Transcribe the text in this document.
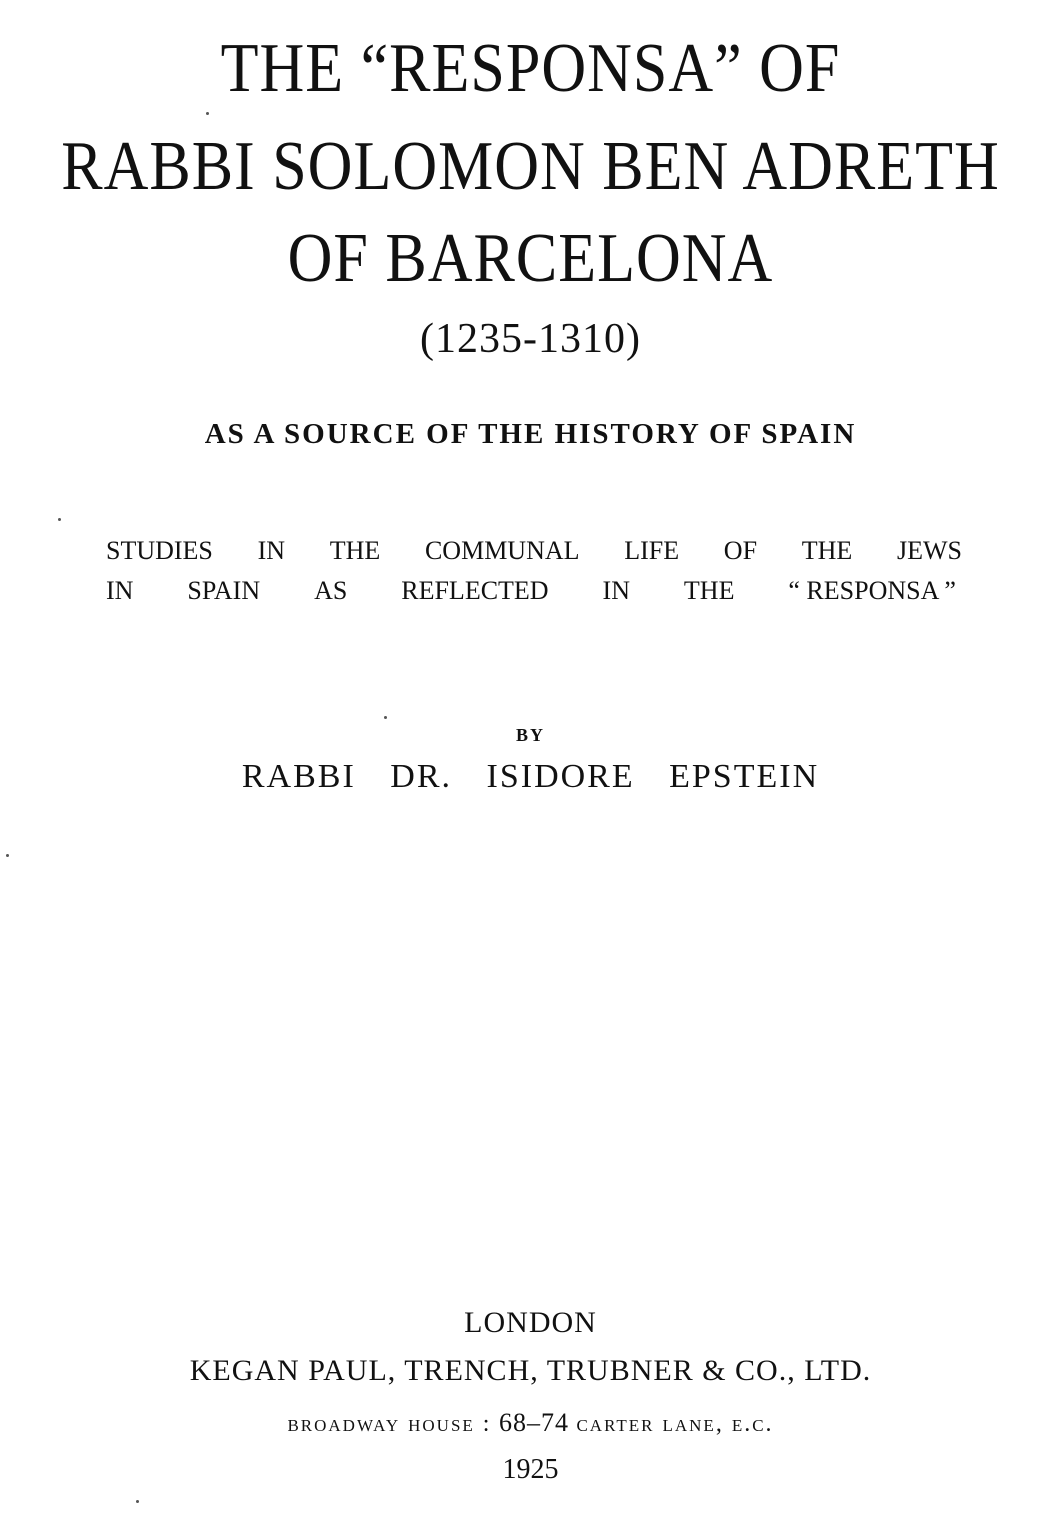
THE “RESPONSA” OF
RABBI SOLOMON BEN ADRETH
OF BARCELONA
(1235-1310)
AS A SOURCE OF THE HISTORY OF SPAIN
STUDIES IN THE COMMUNAL LIFE OF THE JEWS
IN SPAIN AS REFLECTED IN THE “ RESPONSA ”
BY
RABBI DR. ISIDORE EPSTEIN
LONDON
KEGAN PAUL, TRENCH, TRUBNER & CO., LTD.
broadway house : 68–74 carter lane, e.c.
1925
